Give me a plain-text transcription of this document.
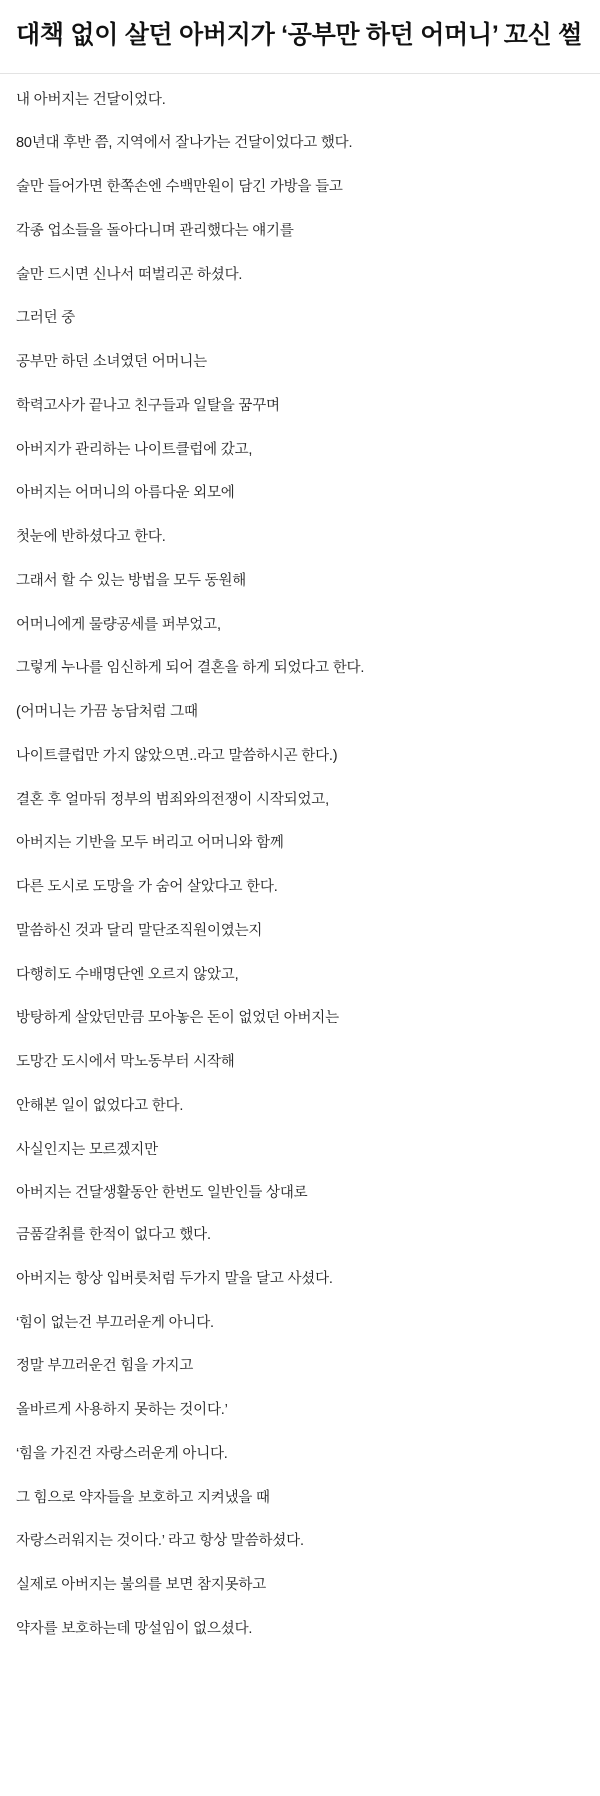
대책 없이 살던 아버지가 ‘공부만 하던 어머니’ 꼬신 썰

내 아버지는 건달이었다.

80년대 후반 쯤, 지역에서 잘나가는 건달이었다고 했다.

술만 들어가면 한쪽손엔 수백만원이 담긴 가방을 들고

각종 업소들을 돌아다니며 관리했다는 얘기를

술만 드시면 신나서 떠벌리곤 하셨다.

그러던 중

공부만 하던 소녀였던 어머니는

학력고사가 끝나고 친구들과 일탈을 꿈꾸며

아버지가 관리하는 나이트클럽에 갔고,

아버지는 어머니의 아름다운 외모에

첫눈에 반하셨다고 한다.

그래서 할 수 있는 방법을 모두 동원해

어머니에게 물량공세를 퍼부었고,

그렇게 누나를 임신하게 되어 결혼을 하게 되었다고 한다.

(어머니는 가끔 농담처럼 그때

나이트클럽만 가지 않았으면..라고 말씀하시곤 한다.)

결혼 후 얼마뒤 정부의 범죄와의전쟁이 시작되었고,

아버지는 기반을 모두 버리고 어머니와 함께

다른 도시로 도망을 가 숨어 살았다고 한다.

말씀하신 것과 달리 말단조직원이였는지

다행히도 수배명단엔 오르지 않았고,

방탕하게 살았던만큼 모아놓은 돈이 없었던 아버지는

도망간 도시에서 막노동부터 시작해

안해본 일이 없었다고 한다.

사실인지는 모르겠지만

아버지는 건달생활동안 한번도 일반인들 상대로

금품갈취를 한적이 없다고 했다.

아버지는 항상 입버릇처럼 두가지 말을 달고 사셨다.

‘힘이 없는건 부끄러운게 아니다.

정말 부끄러운건 힘을 가지고

올바르게 사용하지 못하는 것이다.’

‘힘을 가진건 자랑스러운게 아니다.

그 힘으로 약자들을 보호하고 지켜냈을 때

자랑스러워지는 것이다.’ 라고 항상 말씀하셨다.

실제로 아버지는 불의를 보면 참지못하고

약자를 보호하는데 망설임이 없으셨다.
